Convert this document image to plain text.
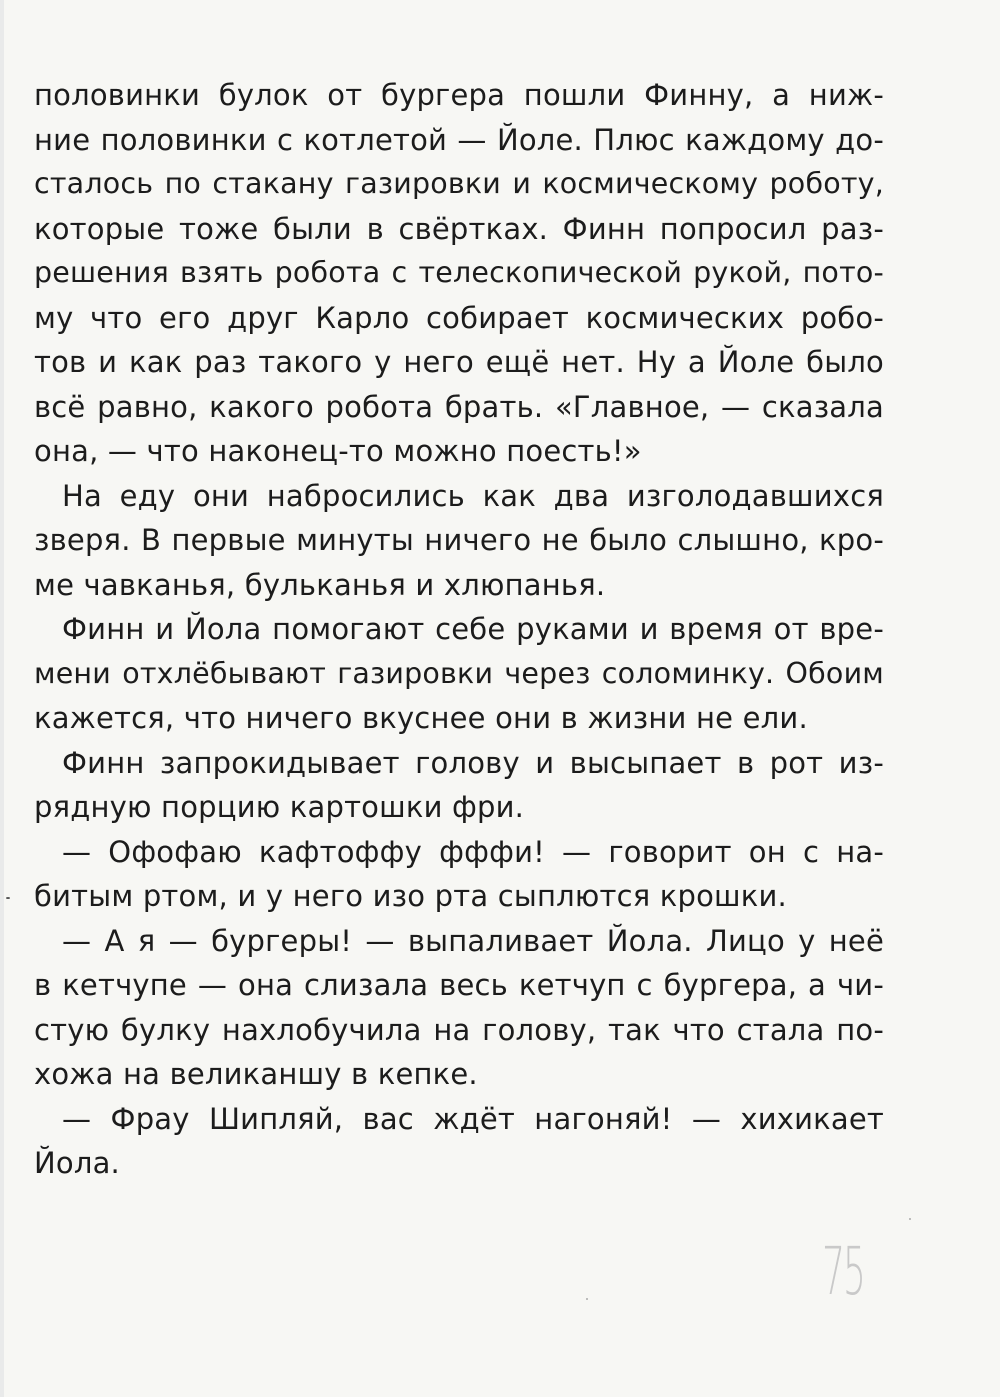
половинки булок от бургера пошли Финну, а ниж-
ние половинки с котлетой — Йоле. Плюс каждому до-
сталось по стакану газировки и космическому роботу,
которые тоже были в свёртках. Финн попросил раз-
решения взять робота с телескопической рукой, пото-
му что его друг Карло собирает космических робо-
тов и как раз такого у него ещё нет. Ну а Йоле было
всё равно, какого робота брать. «Главное, — сказала
она, — что наконец-то можно поесть!»
На еду они набросились как два изголодавшихся
зверя. В первые минуты ничего не было слышно, кро-
ме чавканья, бульканья и хлюпанья.
Финн и Йола помогают себе руками и время от вре-
мени отхлёбывают газировки через соломинку. Обоим
кажется, что ничего вкуснее они в жизни не ели.
Финн запрокидывает голову и высыпает в рот из-
рядную порцию картошки фри.
— Офофаю кафтоффу фффи! — говорит он с на-
битым ртом, и у него изо рта сыплются крошки.
— А я — бургеры! — выпаливает Йола. Лицо у неё
в кетчупе — она слизала весь кетчуп с бургера, а чи-
стую булку нахлобучила на голову, так что стала по-
хожа на великаншу в кепке.
— Фрау Шипляй, вас ждёт нагоняй! — хихикает
Йола.
75
